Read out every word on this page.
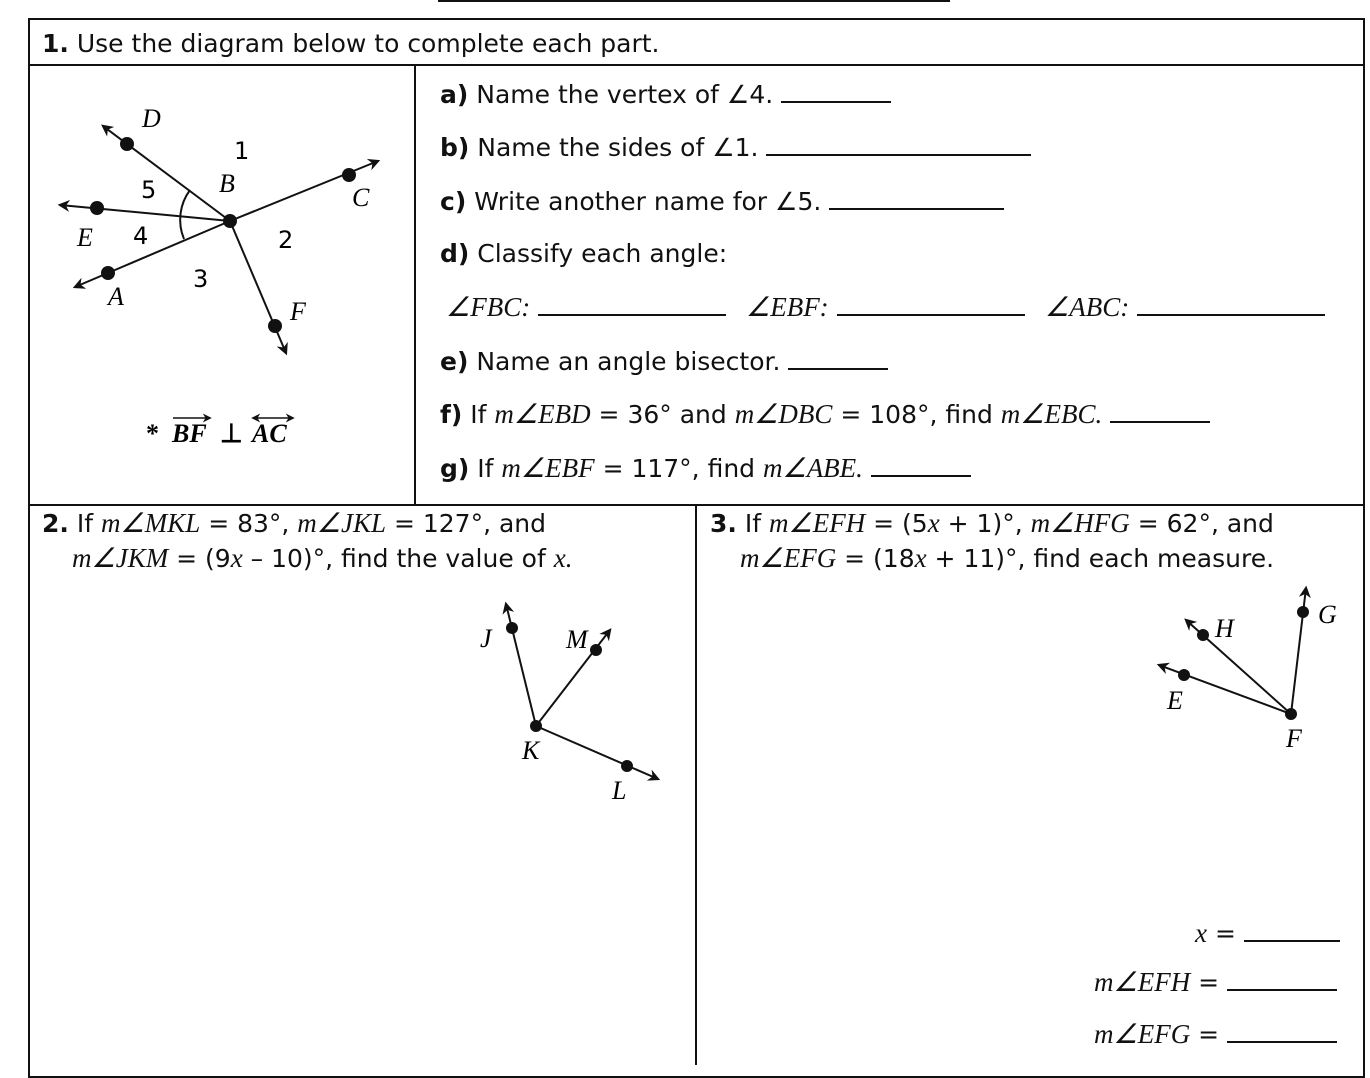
1. Use the diagram below to complete each part.
D
B	C
E
A
F
1
2
3
4
5
* BF ⊥ AC
a) Name the vertex of ∠4.
b) Name the sides of ∠1.
c) Write another name for ∠5.
d) Classify each angle:
∠FBC:	∠EBF:	∠ABC:
e) Name an angle bisector.
f) If m∠EBD = 36° and m∠DBC = 108°, find m∠EBC.
g) If m∠EBF = 117°, find m∠ABE.
2. If m∠MKL = 83°, m∠JKL = 127°, and
m∠JKM = (9x – 10)°, find the value of x.
J	M
K
L
3. If m∠EFH = (5x + 1)°, m∠HFG = 62°, and
m∠EFG = (18x + 11)°, find each measure.
H	G
E
F
x =
m∠EFH =
m∠EFG =
